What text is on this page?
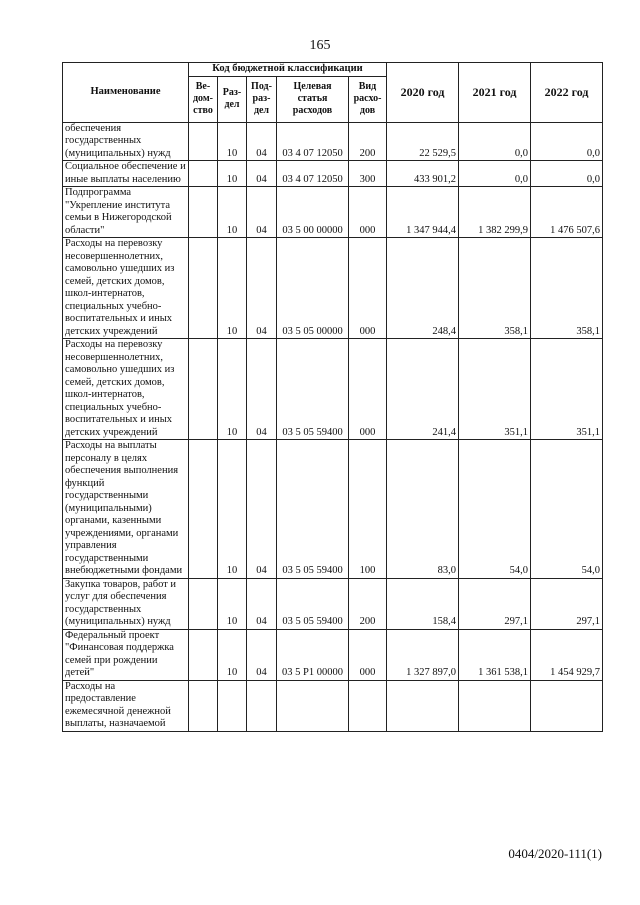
165
Наименование	Код бюджетной классификации					2020 год	2021 год	2022 год
	Ве- дом- ство	Раз- дел	Под- раз- дел	Целевая статья расходов	Вид расхо- дов			
обеспечения государственных (муниципальных) нужд		10	04	03 4 07 12050	200	22 529,5	0,0	0,0
Социальное обеспечение и иные выплаты населению		10	04	03 4 07 12050	300	433 901,2	0,0	0,0
Подпрограмма "Укрепление института семьи в Нижегородской области"		10	04	03 5 00 00000	000	1 347 944,4	1 382 299,9	1 476 507,6
Расходы на перевозку несовершеннолетних, самовольно ушедших из семей, детских домов, школ-интернатов, специальных учебно-воспитательных и иных детских учреждений		10	04	03 5 05 00000	000	248,4	358,1	358,1
Расходы на перевозку несовершеннолетних, самовольно ушедших из семей, детских домов, школ-интернатов, специальных учебно-воспитательных и иных детских учреждений		10	04	03 5 05 59400	000	241,4	351,1	351,1
Расходы на выплаты персоналу в целях обеспечения выполнения функций государственными (муниципальными) органами, казенными учреждениями, органами управления государственными внебюджетными фондами		10	04	03 5 05 59400	100	83,0	54,0	54,0
Закупка товаров, работ и услуг для обеспечения государственных (муниципальных) нужд		10	04	03 5 05 59400	200	158,4	297,1	297,1
Федеральный проект "Финансовая поддержка семей при рождении детей"		10	04	03 5 P1 00000	000	1 327 897,0	1 361 538,1	1 454 929,7
Расходы на предоставление ежемесячной денежной выплаты, назначаемой								
0404/2020-111(1)
